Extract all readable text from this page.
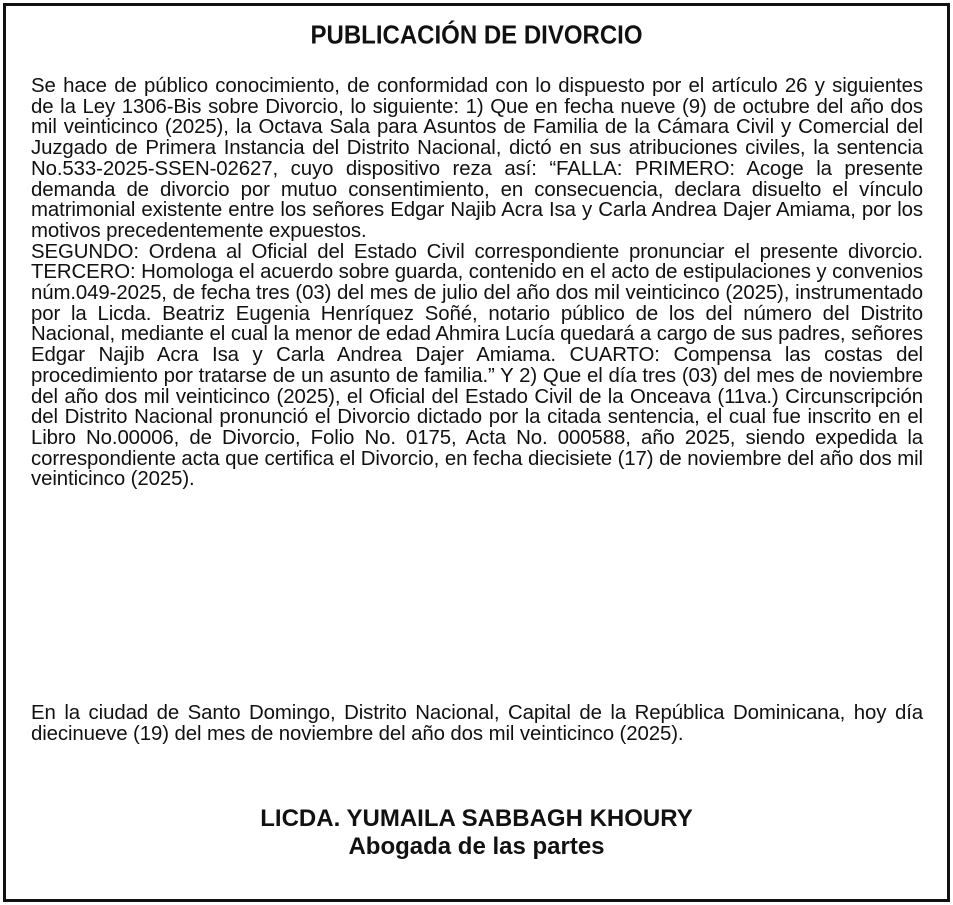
PUBLICACIÓN DE DIVORCIO

Se hace de público conocimiento, de conformidad con lo dispuesto por el artículo 26 y siguientes de la Ley 1306-Bis sobre Divorcio, lo siguiente: 1) Que en fecha nueve (9) de octubre del año dos mil veinticinco (2025), la Octava Sala para Asuntos de Familia de la Cámara Civil y Comercial del Juzgado de Primera Instancia del Distrito Nacional, dictó en sus atribuciones civiles, la sentencia No.533-2025-SSEN-02627, cuyo dispositivo reza así: “FALLA: PRIMERO: Acoge la presente demanda de divorcio por mutuo consentimiento, en consecuencia, declara disuelto el vínculo matrimonial existente entre los señores Edgar Najib Acra Isa y Carla Andrea Dajer Amiama, por los motivos precedentemente expuestos.

SEGUNDO: Ordena al Oficial del Estado Civil correspondiente pronunciar el presente divorcio. TERCERO: Homologa el acuerdo sobre guarda, contenido en el acto de estipulaciones y convenios núm.049-2025, de fecha tres (03) del mes de julio del año dos mil veinticinco (2025), instrumentado por la Licda. Beatriz Eugenia Henríquez Soñé, notario público de los del número del Distrito Nacional, mediante el cual la menor de edad Ahmira Lucía quedará a cargo de sus padres, señores Edgar Najib Acra Isa y Carla Andrea Dajer Amiama. CUARTO: Compensa las costas del procedimiento por tratarse de un asunto de familia.” Y 2) Que el día tres (03) del mes de noviembre del año dos mil veinticinco (2025), el Oficial del Estado Civil de la Onceava (11va.) Circunscripción del Distrito Nacional pronunció el Divorcio dictado por la citada sentencia, el cual fue inscrito en el Libro No.00006, de Divorcio, Folio No. 0175, Acta No. 000588, año 2025, siendo expedida la correspondiente acta que certifica el Divorcio, en fecha diecisiete (17) de noviembre del año dos mil veinticinco (2025).

En la ciudad de Santo Domingo, Distrito Nacional, Capital de la República Dominicana, hoy día diecinueve (19) del mes de noviembre del año dos mil veinticinco (2025).

LICDA. YUMAILA SABBAGH KHOURY
Abogada de las partes
